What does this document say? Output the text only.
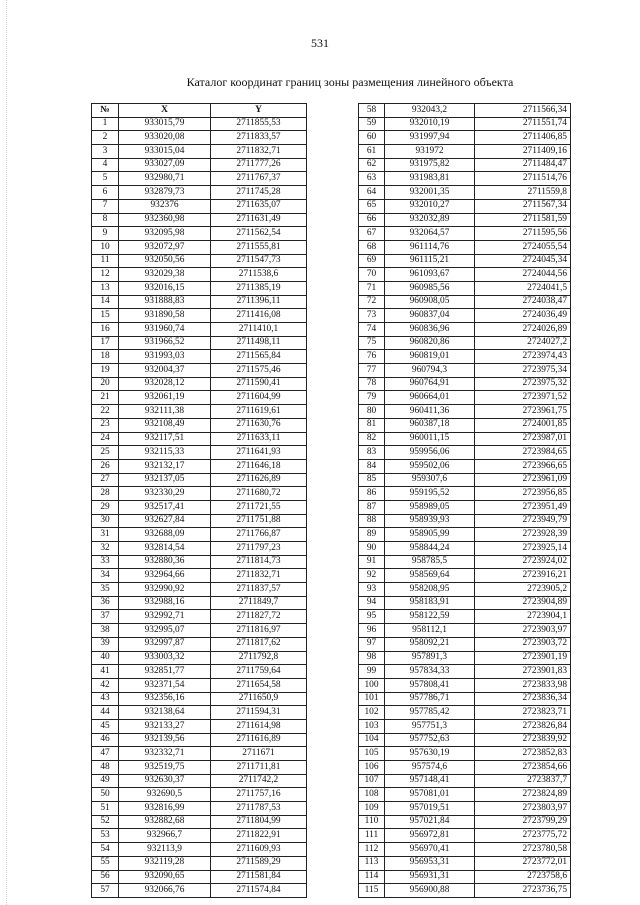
531
Каталог координат границ зоны размещения линейного объекта
№	X	Y
1	933015,79	2711855,53
2	933020,08	2711833,57
3	933015,04	2711832,71
4	933027,09	2711777,26
5	932980,71	2711767,37
6	932879,73	2711745,28
7	932376	2711635,07
8	932360,98	2711631,49
9	932095,98	2711562,54
10	932072,97	2711555,81
11	932050,56	2711547,73
12	932029,38	2711538,6
13	932016,15	2711385,19
14	931888,83	2711396,11
15	931890,58	2711416,08
16	931960,74	2711410,1
17	931966,52	2711498,11
18	931993,03	2711565,84
19	932004,37	2711575,46
20	932028,12	2711590,41
21	932061,19	2711604,99
22	932111,38	2711619,61
23	932108,49	2711630,76
24	932117,51	2711633,11
25	932115,33	2711641,93
26	932132,17	2711646,18
27	932137,05	2711626,89
28	932330,29	2711680,72
29	932517,41	2711721,55
30	932627,84	2711751,88
31	932688,09	2711766,87
32	932814,54	2711797,23
33	932880,36	2711814,73
34	932964,66	2711832,71
35	932990,92	2711837,57
36	932988,16	2711849,7
37	932992,71	2711827,72
38	932995,07	2711816,97
39	932997,87	2711817,62
40	933003,32	2711792,8
41	932851,77	2711759,64
42	932371,54	2711654,58
43	932356,16	2711650,9
44	932138,64	2711594,31
45	932133,27	2711614,98
46	932139,56	2711616,89
47	932332,71	2711671
48	932519,75	2711711,81
49	932630,37	2711742,2
50	932690,5	2711757,16
51	932816,99	2711787,53
52	932882,68	2711804,99
53	932966,7	2711822,91
54	932113,9	2711609,93
55	932119,28	2711589,29
56	932090,65	2711581,84
57	932066,76	2711574,84
58	932043,2	2711566,34
59	932010,19	2711551,74
60	931997,94	2711406,85
61	931972	2711409,16
62	931975,82	2711484,47
63	931983,81	2711514,76
64	932001,35	2711559,8
65	932010,27	2711567,34
66	932032,89	2711581,59
67	932064,57	2711595,56
68	961114,76	2724055,54
69	961115,21	2724045,34
70	961093,67	2724044,56
71	960985,56	2724041,5
72	960908,05	2724038,47
73	960837,04	2724036,49
74	960836,96	2724026,89
75	960820,86	2724027,2
76	960819,01	2723974,43
77	960794,3	2723975,34
78	960764,91	2723975,32
79	960664,01	2723971,52
80	960411,36	2723961,75
81	960387,18	2724001,85
82	960011,15	2723987,01
83	959956,06	2723984,65
84	959502,06	2723966,65
85	959307,6	2723961,09
86	959195,52	2723956,85
87	958989,05	2723951,49
88	958939,93	2723949,79
89	958905,99	2723928,39
90	958844,24	2723925,14
91	958785,5	2723924,02
92	958569,64	2723916,21
93	958208,95	2723905,2
94	958183,91	2723904,89
95	958122,59	2723904,1
96	958112,1	2723903,97
97	958092,21	2723903,72
98	957891,3	2723901,19
99	957834,33	2723901,83
100	957808,41	2723833,98
101	957786,71	2723836,34
102	957785,42	2723823,71
103	957751,3	2723826,84
104	957752,63	2723839,92
105	957630,19	2723852,83
106	957574,6	2723854,66
107	957148,41	2723837,7
108	957081,01	2723824,89
109	957019,51	2723803,97
110	957021,84	2723799,29
111	956972,81	2723775,72
112	956970,41	2723780,58
113	956953,31	2723772,01
114	956931,31	2723758,6
115	956900,88	2723736,75
